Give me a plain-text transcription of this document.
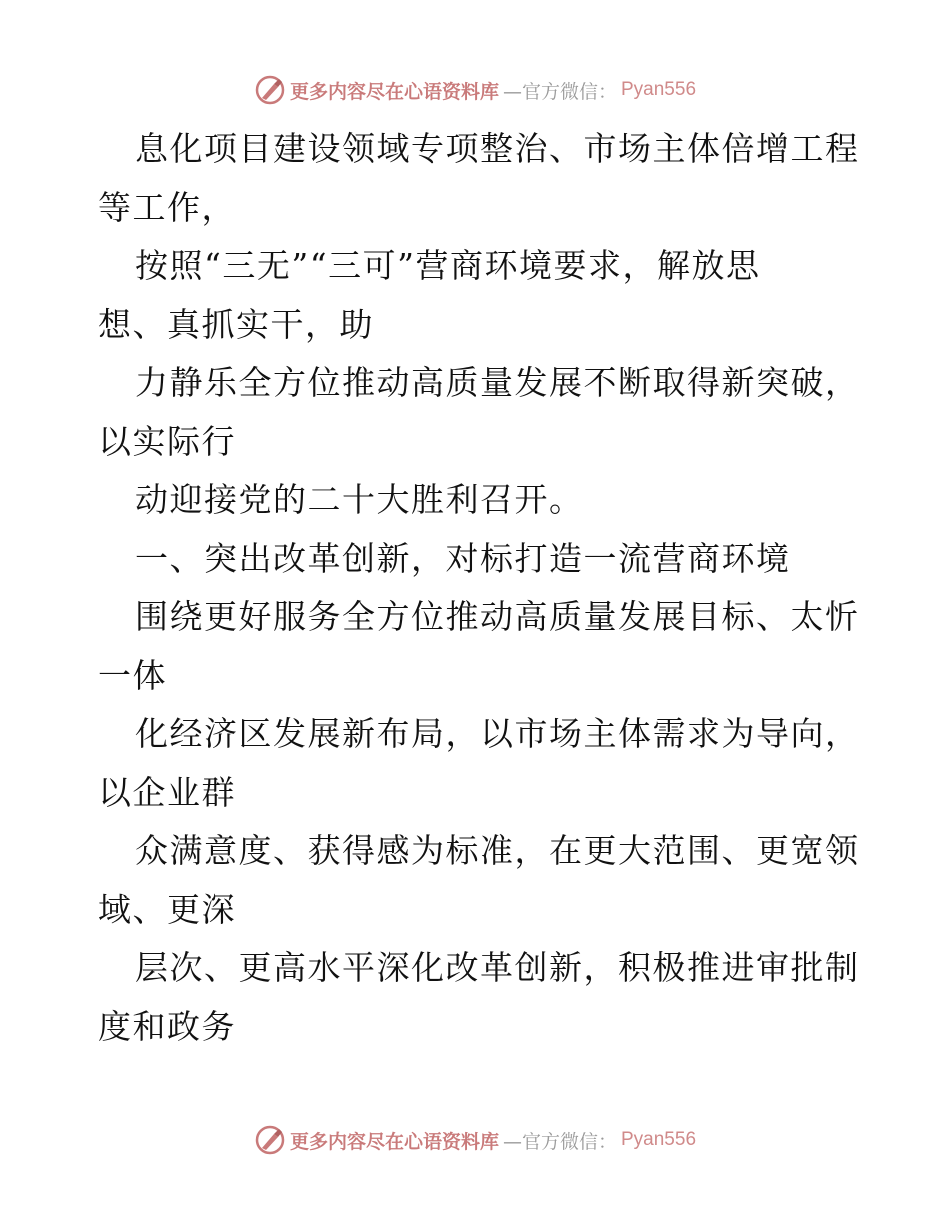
更多内容尽在心语资料库 —官方微信： Pyan556
息化项目建设领域专项整治、市场主体倍增工程
等工作，
按照“三无”“三可”营商环境要求，解放思
想、真抓实干，助
力静乐全方位推动高质量发展不断取得新突破，
以实际行
动迎接党的二十大胜利召开。
一、突出改革创新，对标打造一流营商环境
围绕更好服务全方位推动高质量发展目标、太忻
一体
化经济区发展新布局，以市场主体需求为导向，
以企业群
众满意度、获得感为标准，在更大范围、更宽领
域、更深
层次、更高水平深化改革创新，积极推进审批制
度和政务
更多内容尽在心语资料库 —官方微信： Pyan556
